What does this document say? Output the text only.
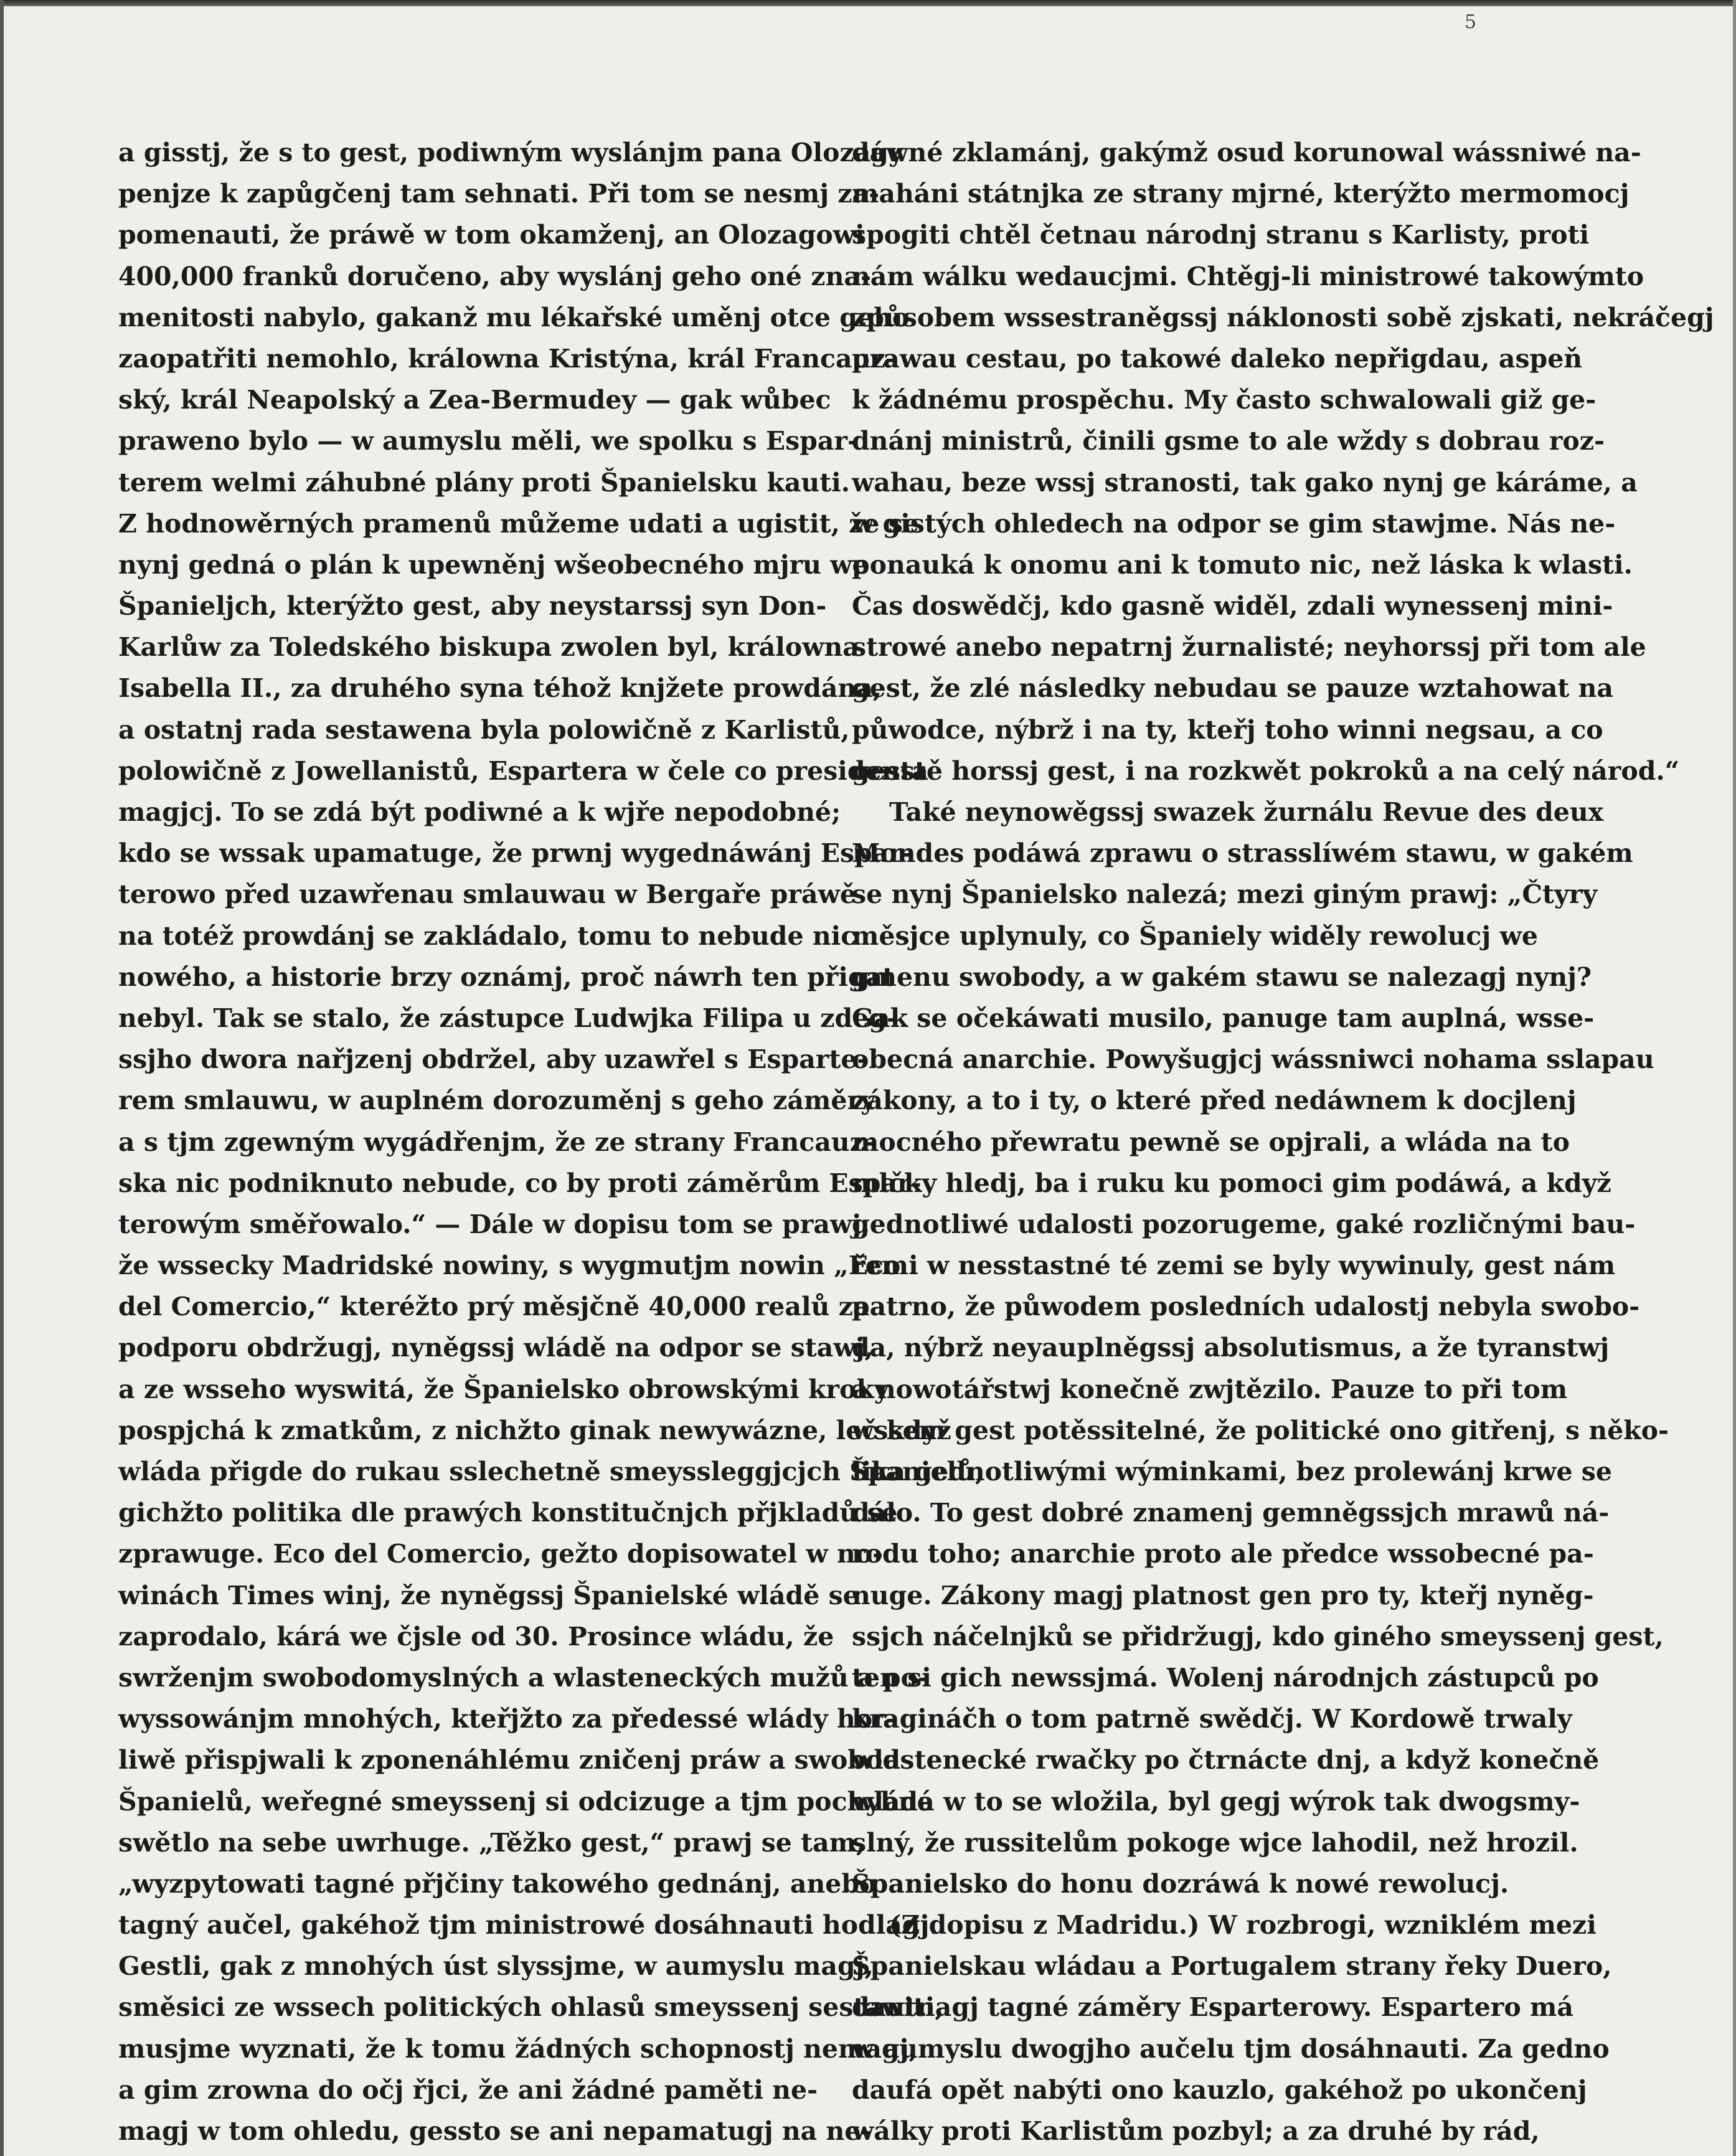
5
a gisstj, že s to gest, podiwným wyslánjm pana Olozagy
penjze k zapůgčenj tam sehnati. Při tom se nesmj za-
pomenauti, že práwě w tom okamženj, an Olozagowi
400,000 franků doručeno, aby wyslánj geho oné zna-
menitosti nabylo, gakanž mu lékařské uměnj otce geho
zaopatřiti nemohlo, králowna Kristýna, král Francauz-
ský, král Neapolský a Zea-Bermudey — gak wůbec
praweno bylo — w aumyslu měli, we spolku s Espar-
terem welmi záhubné plány proti Španielsku kauti.
Z hodnowěrných pramenů můžeme udati a ugistit, že se
nynj gedná o plán k upewněnj wšeobecného mjru we
Španieljch, kterýžto gest, aby neystarssj syn Don-
Karlůw za Toledského biskupa zwolen byl, králowna
Isabella II., za druhého syna téhož knjžete prowdána,
a ostatnj rada sestawena byla polowičně z Karlistů,
polowičně z Jowellanistů, Espartera w čele co presidenta
magjcj. To se zdá být podiwné a k wjře nepodobné;
kdo se wssak upamatuge, že prwnj wygednáwánj Espar-
terowo před uzawřenau smlauwau w Bergaře práwě
na totéž prowdánj se zakládalo, tomu to nebude nic
nowého, a historie brzy oznámj, proč náwrh ten přigat
nebyl. Tak se stalo, že zástupce Ludwjka Filipa u zdeg-
ssjho dwora nařjzenj obdržel, aby uzawřel s Esparte-
rem smlauwu, w auplném dorozuměnj s geho záměry
a s tjm zgewným wygádřenjm, že ze strany Francauz-
ska nic podniknuto nebude, co by proti záměrům Espar-
terowým směřowalo.“ — Dále w dopisu tom se prawj,
že wssecky Madridské nowiny, s wygmutjm nowin „Eco
del Comercio,“ kteréžto prý měsjčně 40,000 realů za
podporu obdržugj, nyněgssj wládě na odpor se stawj,
a ze wsseho wyswitá, že Španielsko obrowskými kroky
pospjchá k zmatkům, z nichžto ginak newywázne, leč když
wláda přigde do rukau sslechetně smeyssleggjcjch Španielů,
gichžto politika dle prawých konstitučnjch přjkladů se
zprawuge. Eco del Comercio, gežto dopisowatel w no-
winách Times winj, že nyněgssj Španielské wládě se
zaprodalo, kárá we čjsle od 30. Prosince wládu, že
swrženjm swobodomyslných a wlasteneckých mužů a po-
wyssowánjm mnohých, kteřjžto za předessé wlády hor-
liwě přispjwali k zponenáhlému zničenj práw a swobod
Španielů, weřegné smeyssenj si odcizuge a tjm pochybné
swětlo na sebe uwrhuge. „Těžko gest,“ prawj se tam,
„wyzpytowati tagné přjčiny takowého gednánj, anebo
tagný aučel, gakéhož tjm ministrowé dosáhnauti hodlagj.
Gestli, gak z mnohých úst slyssjme, w aumyslu magj,
směsici ze wssech politických ohlasů smeyssenj sestawiti,
musjme wyznati, že k tomu žádných schopnostj nemagj,
a gim zrowna do očj řjci, že ani žádné paměti ne-
magj w tom ohledu, gessto se ani nepamatugj na ne-
dáwné zklamánj, gakýmž osud korunowal wássniwé na-
maháni státnjka ze strany mjrné, kterýžto mermomocj
spogiti chtěl četnau národnj stranu s Karlisty, proti
nám wálku wedaucjmi. Chtěgj-li ministrowé takowýmto
způsobem wssestraněgssj náklonosti sobě zjskati, nekráčegj
prawau cestau, po takowé dalekо nepřigdau, aspeň
k žádnému prospěchu. My často schwalowali giž ge-
dnánj ministrů, činili gsme to ale wždy s dobrau roz-
wahau, beze wssj stranosti, tak gako nynj ge káráme, a
w gistých ohledech na odpor se gim stawjme. Nás ne-
ponauká k onomu ani k tomuto nic, než láska k wlasti.
Čas doswědčj, kdo gasně widěl, zdali wynessenj mini-
strowé anebo nepatrnj žurnalisté; neyhorssj při tom ale
gest, že zlé následky nebudau se pauze wztahowat na
půwodce, nýbrž i na ty, kteřj toho winni negsau, a co
gesstě horssj gest, i na rozkwět pokroků a na celý národ.“
Také neynowěgssj swazek žurnálu Revue des deux
Mondes podáwá zprawu o strasslíwém stawu, w gakém
se nynj Španielsko nalezá; mezi giným prawj: „Čtyry
měsjce uplynuly, co Španiely widěly rewolucj we
gmenu swobody, a w gakém stawu se nalezagj nynj?
Gak se očekáwati musilo, panuge tam auplná, wsse-
obecná anarchie. Powyšugjcj wássniwci nohama sslapau
zákony, a to i ty, o které před nedáwnem k docjlenj
mocného přewratu pewně se opjrali, a wláda na to
mlčky hledj, ba i ruku ku pomoci gim podáwá, a když
gednotliwé udalosti pozorugeme, gaké rozličnými bau-
řemi w nesstastné té zemi se byly wywinuly, gest nám
patrno, že půwodem posledních udalostj nebyla swobo-
da, nýbrž neyauplněgssj absolutismus, a že tyranstwj
a nowotářstwj konečně zwjtězilo. Pauze to při tom
wssem gest potěssitelné, že politické ono gitřenj, s něko-
lika gednotliwými wýminkami, bez prolewánj krwe se
dálo. To gest dobré znamenj gemněgssjch mrawů ná-
rodu toho; anarchie proto ale předce wssobecné pa-
nuge. Zákony magj platnost gen pro ty, kteřj nyněg-
ssjch náčelnjků se přidržugj, kdo giného smeyssenj gest,
ten si gich newssjmá. Wolenj národnjch zástupců po
kragináčh o tom patrně swědčj. W Kordowě trwaly
wlastenecké rwačky po čtrnácte dnj, a když konečně
wláda w to se wložila, byl gegj wýrok tak dwogsmy-
slný, že russitelům pokoge wjce lahodil, než hrozil.
Španielsko do honu dozráwá k nowé rewolucj.
(Z dopisu z Madridu.) W rozbrogi, wzniklém mezi
Španielskau wládau a Portugalem strany řeky Duero,
dautnagj tagné záměry Esparterowy. Espartero má
w aumyslu dwogjho aučelu tjm dosáhnauti. Za gedno
daufá opět nabýti ono kauzlo, gakéhož po ukončenj
wálky proti Karlistům pozbyl; a za druhé by rád,
